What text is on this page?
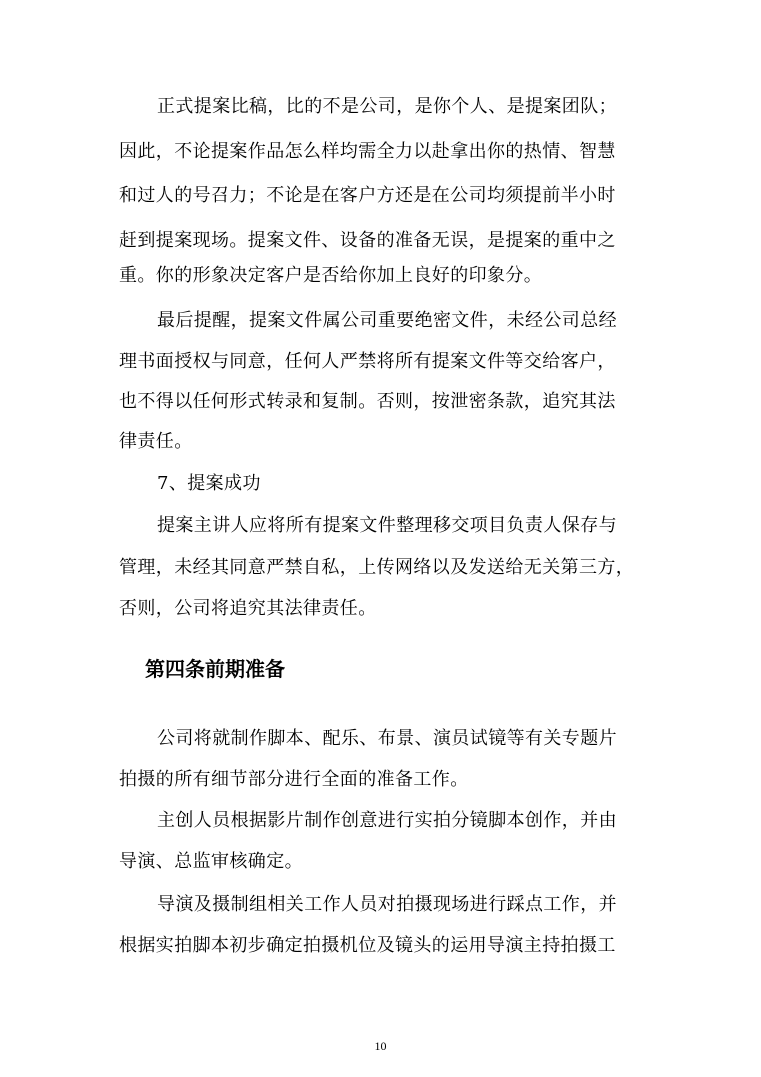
正式提案比稿，比的不是公司，是你个人、是提案团队；
因此，不论提案作品怎么样均需全力以赴拿出你的热情、智慧
和过人的号召力；不论是在客户方还是在公司均须提前半小时
赶到提案现场。提案文件、设备的准备无误，是提案的重中之
重。你的形象决定客户是否给你加上良好的印象分。
最后提醒，提案文件属公司重要绝密文件，未经公司总经
理书面授权与同意，任何人严禁将所有提案文件等交给客户，
也不得以任何形式转录和复制。否则，按泄密条款，追究其法
律责任。
7、提案成功
提案主讲人应将所有提案文件整理移交项目负责人保存与
管理，未经其同意严禁自私，上传网络以及发送给无关第三方，
否则，公司将追究其法律责任。
第四条前期准备
公司将就制作脚本、配乐、布景、演员试镜等有关专题片
拍摄的所有细节部分进行全面的准备工作。
主创人员根据影片制作创意进行实拍分镜脚本创作，并由
导演、总监审核确定。
导演及摄制组相关工作人员对拍摄现场进行踩点工作，并
根据实拍脚本初步确定拍摄机位及镜头的运用导演主持拍摄工
10
